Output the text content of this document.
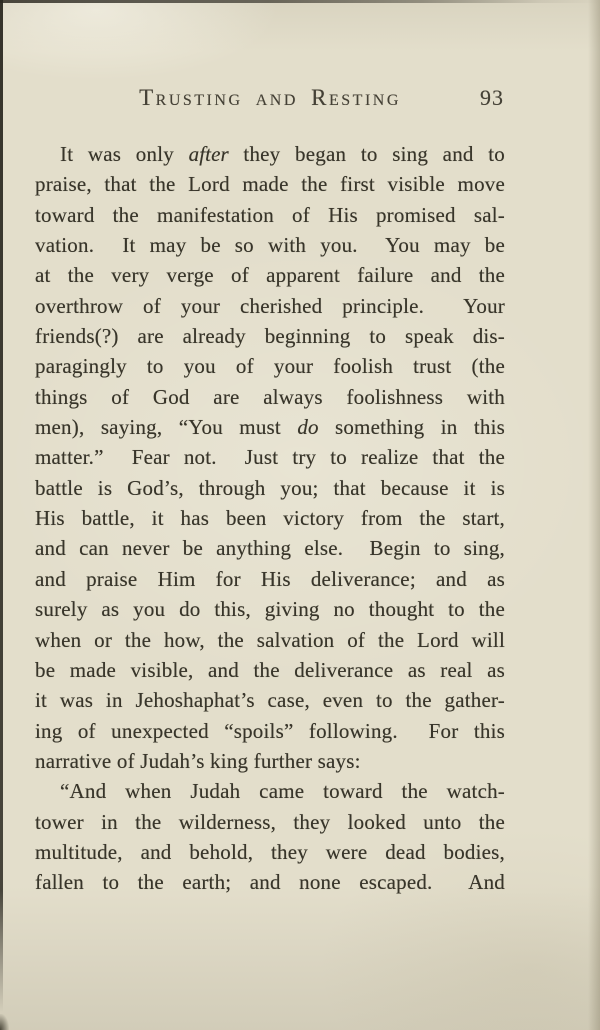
Trusting and Resting	93
It was only after they began to sing and to
praise, that the Lord made the first visible move
toward the manifestation of His promised sal-
vation.  It may be so with you.  You may be
at the very verge of apparent failure and the
overthrow of your cherished principle.  Your
friends(?) are already beginning to speak dis-
paragingly to you of your foolish trust (the
things of God are always foolishness with
men), saying, “You must do something in this
matter.”  Fear not.  Just try to realize that the
battle is God’s, through you; that because it is
His battle, it has been victory from the start,
and can never be anything else.  Begin to sing,
and praise Him for His deliverance; and as
surely as you do this, giving no thought to the
when or the how, the salvation of the Lord will
be made visible, and the deliverance as real as
it was in Jehoshaphat’s case, even to the gather-
ing of unexpected “spoils” following.  For this
narrative of Judah’s king further says:
“And when Judah came toward the watch-
tower in the wilderness, they looked unto the
multitude, and behold, they were dead bodies,
fallen to the earth; and none escaped.  And
